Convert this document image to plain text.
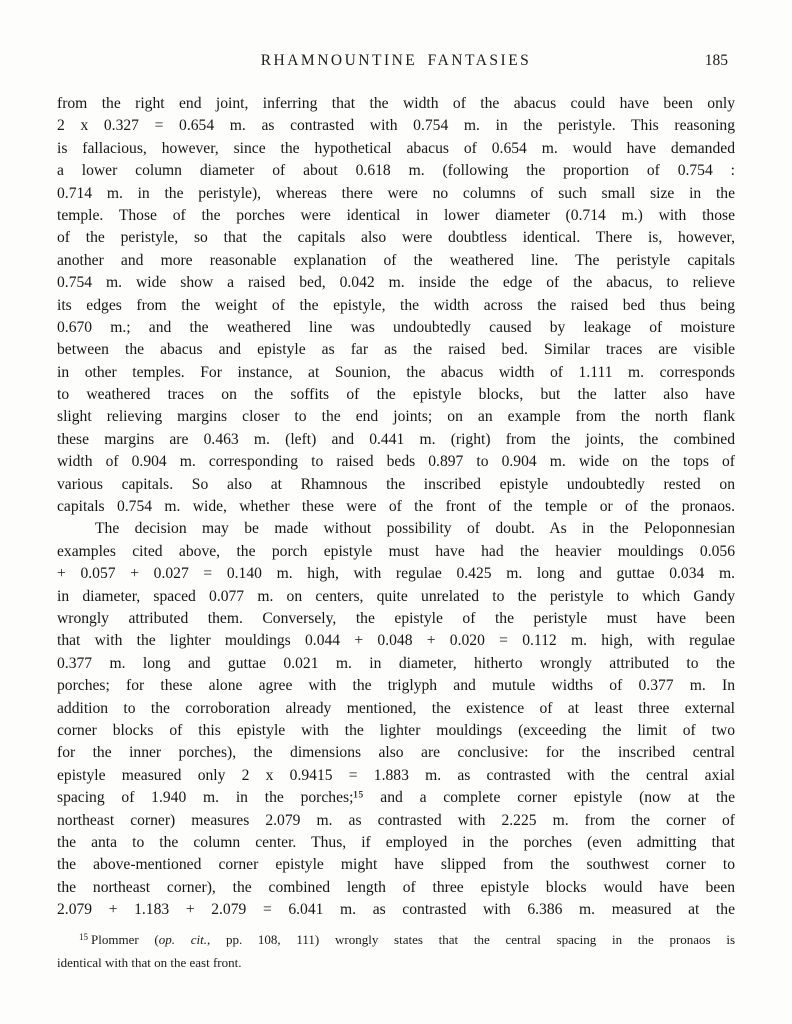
RHAMNOUNTINE FANTASIES	185
from the right end joint, inferring that the width of the abacus could have been only
2 x 0.327 = 0.654 m. as contrasted with 0.754 m. in the peristyle. This reasoning
is fallacious, however, since the hypothetical abacus of 0.654 m. would have demanded
a lower column diameter of about 0.618 m. (following the proportion of 0.754 :
0.714 m. in the peristyle), whereas there were no columns of such small size in the
temple. Those of the porches were identical in lower diameter (0.714 m.) with those
of the peristyle, so that the capitals also were doubtless identical. There is, however,
another and more reasonable explanation of the weathered line. The peristyle capitals
0.754 m. wide show a raised bed, 0.042 m. inside the edge of the abacus, to relieve
its edges from the weight of the epistyle, the width across the raised bed thus being
0.670 m.; and the weathered line was undoubtedly caused by leakage of moisture
between the abacus and epistyle as far as the raised bed. Similar traces are visible
in other temples. For instance, at Sounion, the abacus width of 1.111 m. corresponds
to weathered traces on the soffits of the epistyle blocks, but the latter also have
slight relieving margins closer to the end joints; on an example from the north flank
these margins are 0.463 m. (left) and 0.441 m. (right) from the joints, the combined
width of 0.904 m. corresponding to raised beds 0.897 to 0.904 m. wide on the tops of
various capitals. So also at Rhamnous the inscribed epistyle undoubtedly rested on
capitals 0.754 m. wide, whether these were of the front of the temple or of the pronaos.
The decision may be made without possibility of doubt. As in the Peloponnesian
examples cited above, the porch epistyle must have had the heavier mouldings 0.056
+ 0.057 + 0.027 = 0.140 m. high, with regulae 0.425 m. long and guttae 0.034 m.
in diameter, spaced 0.077 m. on centers, quite unrelated to the peristyle to which Gandy
wrongly attributed them. Conversely, the epistyle of the peristyle must have been
that with the lighter mouldings 0.044 + 0.048 + 0.020 = 0.112 m. high, with regulae
0.377 m. long and guttae 0.021 m. in diameter, hitherto wrongly attributed to the
porches; for these alone agree with the triglyph and mutule widths of 0.377 m. In
addition to the corroboration already mentioned, the existence of at least three external
corner blocks of this epistyle with the lighter mouldings (exceeding the limit of two
for the inner porches), the dimensions also are conclusive: for the inscribed central
epistyle measured only 2 x 0.9415 = 1.883 m. as contrasted with the central axial
spacing of 1.940 m. in the porches;¹⁵ and a complete corner epistyle (now at the
northeast corner) measures 2.079 m. as contrasted with 2.225 m. from the corner of
the anta to the column center. Thus, if employed in the porches (even admitting that
the above-mentioned corner epistyle might have slipped from the southwest corner to
the northeast corner), the combined length of three epistyle blocks would have been
2.079 + 1.183 + 2.079 = 6.041 m. as contrasted with 6.386 m. measured at the
$^{15}$ Plommer (op. cit., pp. 108, 111) wrongly states that the central spacing in the pronaos is
identical with that on the east front.
